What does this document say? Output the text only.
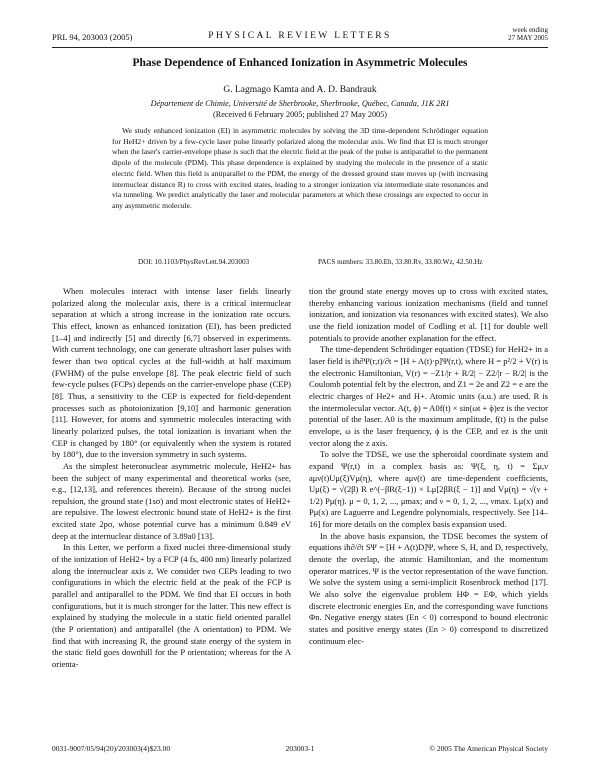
PRL 94, 203003 (2005)	PHYSICAL REVIEW LETTERS
week ending
27 MAY 2005
Phase Dependence of Enhanced Ionization in Asymmetric Molecules
G. Lagmago Kamta and A. D. Bandrauk
Département de Chimie, Université de Sherbrooke, Sherbrooke, Québec, Canada, J1K 2R1
(Received 6 February 2005; published 27 May 2005)
We study enhanced ionization (EI) in asymmetric molecules by solving the 3D time-dependent Schrödinger equation for HeH2+ driven by a few-cycle laser pulse linearly polarized along the molecular axis. We find that EI is much stronger when the laser's carrier-envelope phase is such that the electric field at the peak of the pulse is antiparallel to the permanent dipole of the molecule (PDM). This phase dependence is explained by studying the molecule in the presence of a static electric field. When this field is antiparallel to the PDM, the energy of the dressed ground state moves up (with increasing internuclear distance R) to cross with excited states, leading to a stronger ionization via intermediate state resonances and via tunneling. We predict analytically the laser and molecular parameters at which these crossings are expected to occur in any asymmetric molecule.
DOI: 10.1103/PhysRevLett.94.203003	PACS numbers: 33.80.Eh, 33.80.Rv, 33.80.Wz, 42.50.Hz

When molecules interact with intense laser fields linearly polarized along the molecular axis, there is a critical internuclear separation at which a strong increase in the ionization rate occurs. This effect, known as enhanced ionization (EI), has been predicted [1–4] and indirectly [5] and directly [6,7] observed in experiments. With current technology, one can generate ultrashort laser pulses with fewer than two optical cycles at the full-width at half maximum (FWHM) of the pulse envelope [8]. The peak electric field of such few-cycle pulses (FCPs) depends on the carrier-envelope phase (CEP) [8]. Thus, a sensitivity to the CEP is expected for field-dependent processes such as photoionization [9,10] and harmonic generation [11]. However, for atoms and symmetric molecules interacting with linearly polarized pulses, the total ionization is invariant when the CEP is changed by 180° (or equivalently when the system is rotated by 180°), due to the inversion symmetry in such systems.

As the simplest heteronuclear asymmetric molecule, HeH2+ has been the subject of many experimental and theoretical works (see, e.g., [12,13], and references therein). Because of the strong nuclei repulsion, the ground state (1sσ) and most electronic states of HeH2+ are repulsive. The lowest electronic bound state of HeH2+ is the first excited state 2pσ, whose potential curve has a minimum 0.849 eV deep at the internuclear distance of 3.89a0 [13].

In this Letter, we perform a fixed nuclei three-dimensional study of the ionization of HeH2+ by a FCP (4 fs, 400 nm) linearly polarized along the internuclear axis z. We consider two CEPs leading to two configurations in which the electric field at the peak of the FCP is parallel and antiparallel to the PDM. We find that EI occurs in both configurations, but it is much stronger for the latter. This new effect is explained by studying the molecule in a static field oriented parallel (the P orientation) and antiparallel (the A orientation) to PDM. We find that with increasing R, the ground state energy of the system in the static field goes downhill for the P orientation; whereas for the A orienta-

tion the ground state energy moves up to cross with excited states, thereby enhancing various ionization mechanisms (field and tunnel ionization, and ionization via resonances with excited states). We also use the field ionization model of Codling et al. [1] for double well potentials to provide another explanation for the effect.

The time-dependent Schrödinger equation (TDSE) for HeH2+ in a laser field is iħ∂Ψ(r,t)/∂t = [H + A(t)·p]Ψ(r,t), where H = p²/2 + V(r) is the electronic Hamiltonian, V(r) = −Z1/|r + R/2| − Z2/|r − R/2| is the Coulomb potential felt by the electron, and Z1 = 2e and Z2 = e are the electric charges of He2+ and H+. Atomic units (a.u.) are used. R is the intermolecular vector. A(t, ϕ) = A0f(t) × sin(ωt + ϕ)ez is the vector potential of the laser. A0 is the maximum amplitude, f(t) is the pulse envelope, ω is the laser frequency, ϕ is the CEP, and ez is the unit vector along the z axis.

To solve the TDSE, we use the spheroidal coordinate system and expand Ψ(r,t) in a complex basis as: Ψ(ξ, η, t) = Σμ,ν aμν(t)Uμ(ξ)Vμ(η), where aμν(t) are time-dependent coefficients, Uμ(ξ) = √(2β) R e^(−βR(ξ−1)) × Lμ[2βR(ξ − 1)] and Vμ(η) = √(ν + 1/2) Pμ(η). μ = 0, 1, 2, ..., μmax; and ν = 0, 1, 2, ..., νmax. Lμ(x) and Pμ(x) are Laguerre and Legendre polynomials, respectively. See [14–16] for more details on the complex basis expansion used.

In the above basis expansion, the TDSE becomes the system of equations iħ∂/∂t SΨ = [H + A(t)D]Ψ, where S, H, and D, respectively, denote the overlap, the atomic Hamiltonian, and the momentum operator matrices. Ψ is the vector representation of the wave function. We solve the system using a semi-implicit Rosenbrock method [17]. We also solve the eigenvalue problem HΦ = EΦ, which yields discrete electronic energies En, and the corresponding wave functions Φn. Negative energy states (En < 0) correspond to bound electronic states and positive energy states (En > 0) correspond to discretized continuum elec-

0031-9007/05/94(20)/203003(4)$23.00	203003-1	© 2005 The American Physical Society
